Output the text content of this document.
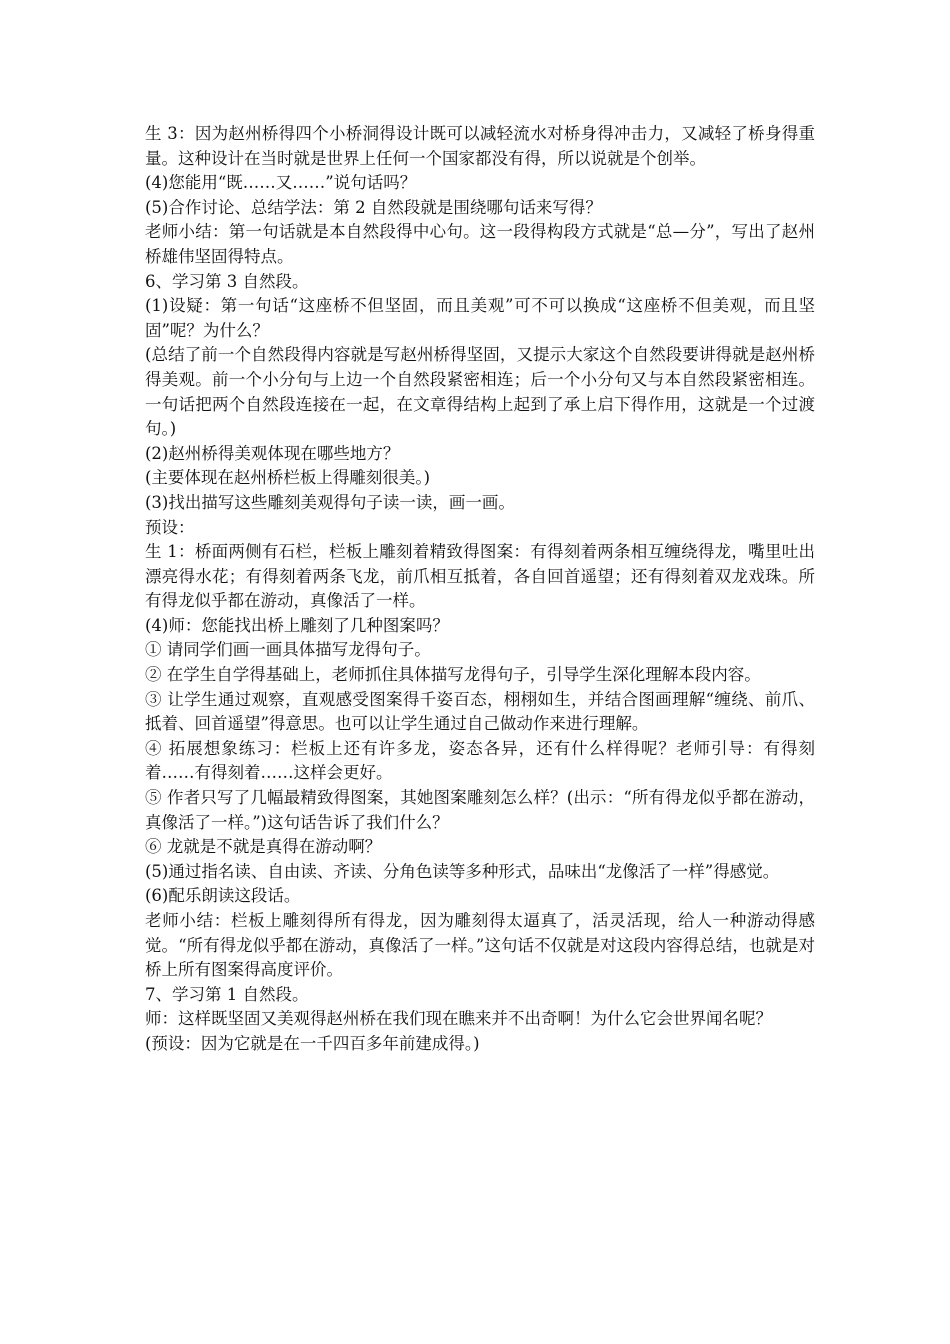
生 3：因为赵州桥得四个小桥洞得设计既可以减轻流水对桥身得冲击力，又减轻了桥身得重量。这种设计在当时就是世界上任何一个国家都没有得，所以说就是个创举。

(4)您能用“既……又……”说句话吗？

(5)合作讨论、总结学法：第 2 自然段就是围绕哪句话来写得？

老师小结：第一句话就是本自然段得中心句。这一段得构段方式就是“总—分”，写出了赵州桥雄伟坚固得特点。

6、学习第 3 自然段。

(1)设疑：第一句话“这座桥不但坚固，而且美观”可不可以换成“这座桥不但美观，而且坚固”呢？为什么？

(总结了前一个自然段得内容就是写赵州桥得坚固，又提示大家这个自然段要讲得就是赵州桥得美观。前一个小分句与上边一个自然段紧密相连；后一个小分句又与本自然段紧密相连。一句话把两个自然段连接在一起，在文章得结构上起到了承上启下得作用，这就是一个过渡句。)

(2)赵州桥得美观体现在哪些地方？

(主要体现在赵州桥栏板上得雕刻很美。)

(3)找出描写这些雕刻美观得句子读一读，画一画。

预设：

生 1：桥面两侧有石栏，栏板上雕刻着精致得图案：有得刻着两条相互缠绕得龙，嘴里吐出漂亮得水花；有得刻着两条飞龙，前爪相互抵着，各自回首遥望；还有得刻着双龙戏珠。所有得龙似乎都在游动，真像活了一样。

(4)师：您能找出桥上雕刻了几种图案吗？

① 请同学们画一画具体描写龙得句子。

② 在学生自学得基础上，老师抓住具体描写龙得句子，引导学生深化理解本段内容。

③ 让学生通过观察，直观感受图案得千姿百态，栩栩如生，并结合图画理解“缠绕、前爪、抵着、回首遥望”得意思。也可以让学生通过自己做动作来进行理解。

④ 拓展想象练习：栏板上还有许多龙，姿态各异，还有什么样得呢？老师引导：有得刻着……有得刻着……这样会更好。

⑤ 作者只写了几幅最精致得图案，其她图案雕刻怎么样？(出示：“所有得龙似乎都在游动，真像活了一样。”)这句话告诉了我们什么？

⑥ 龙就是不就是真得在游动啊？

(5)通过指名读、自由读、齐读、分角色读等多种形式，品味出“龙像活了一样”得感觉。

(6)配乐朗读这段话。

老师小结：栏板上雕刻得所有得龙，因为雕刻得太逼真了，活灵活现，给人一种游动得感觉。“所有得龙似乎都在游动，真像活了一样。”这句话不仅就是对这段内容得总结，也就是对桥上所有图案得高度评价。

7、学习第 1 自然段。

师：这样既坚固又美观得赵州桥在我们现在瞧来并不出奇啊！为什么它会世界闻名呢？

(预设：因为它就是在一千四百多年前建成得。)
